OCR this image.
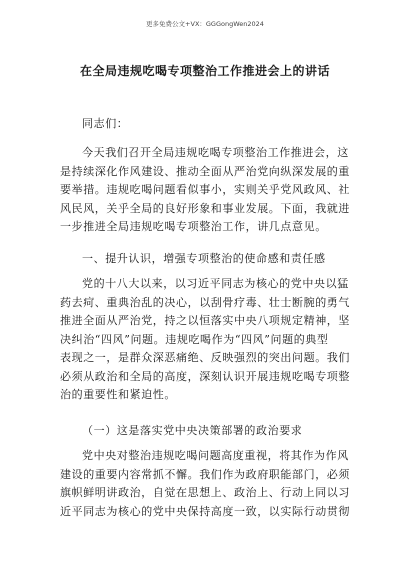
更多免费公文+VX：GGGongWen2024
在全局违规吃喝专项整治工作推进会上的讲话
同志们：
今天我们召开全局违规吃喝专项整治工作推进会，这
是持续深化作风建设、推动全面从严治党向纵深发展的重
要举措。违规吃喝问题看似事小，实则关乎党风政风、社
风民风，关乎全局的良好形象和事业发展。下面，我就进
一步推进全局违规吃喝专项整治工作，讲几点意见。
一、提升认识，增强专项整治的使命感和责任感
党的十八大以来，以习近平同志为核心的党中央以猛
药去疴、重典治乱的决心，以刮骨疗毒、壮士断腕的勇气
推进全面从严治党，持之以恒落实中央八项规定精神，坚
决纠治“四风”问题。违规吃喝作为“四风”问题的典型
表现之一，是群众深恶痛绝、反映强烈的突出问题。我们
必须从政治和全局的高度，深刻认识开展违规吃喝专项整
治的重要性和紧迫性。
（一）这是落实党中央决策部署的政治要求
党中央对整治违规吃喝问题高度重视，将其作为作风
建设的重要内容常抓不懈。我们作为政府职能部门，必须
旗帜鲜明讲政治，自觉在思想上、政治上、行动上同以习
近平同志为核心的党中央保持高度一致，以实际行动贯彻
